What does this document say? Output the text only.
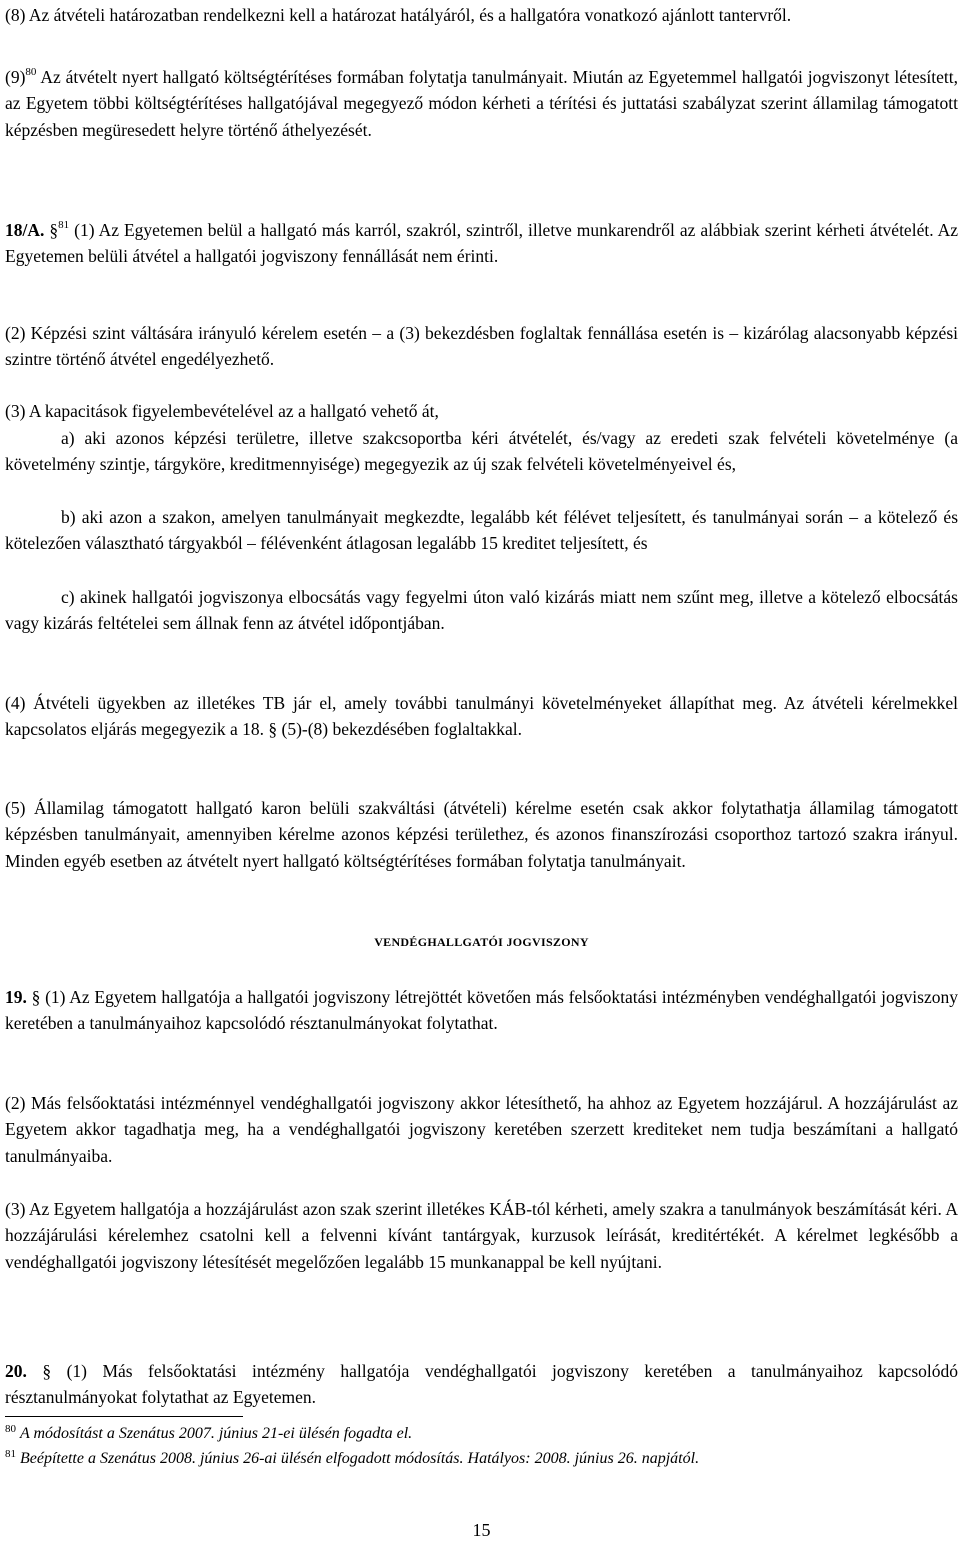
(8) Az átvételi határozatban rendelkezni kell a határozat hatályáról, és a hallgatóra vonatkozó ajánlott tantervről.

(9)$^{80}$ Az átvételt nyert hallgató költségtérítéses formában folytatja tanulmányait. Miután az Egyetemmel hallgatói jogviszonyt létesített, az Egyetem többi költségtérítéses hallgatójával megegyező módon kérheti a térítési és juttatási szabályzat szerint államilag támogatott képzésben megüresedett helyre történő áthelyezését.

18/A. §$^{81}$ (1) Az Egyetemen belül a hallgató más karról, szakról, szintről, illetve munkarendről az alábbiak szerint kérheti átvételét. Az Egyetemen belüli átvétel a hallgatói jogviszony fennállását nem érinti.

(2) Képzési szint váltására irányuló kérelem esetén – a (3) bekezdésben foglaltak fennállása esetén is – kizárólag alacsonyabb képzési szintre történő átvétel engedélyezhető.

(3) A kapacitások figyelembevételével az a hallgató vehető át,

a) aki azonos képzési területre, illetve szakcsoportba kéri átvételét, és/vagy az eredeti szak felvételi követelménye (a követelmény szintje, tárgyköre, kreditmennyisége) megegyezik az új szak felvételi követelményeivel és,

b) aki azon a szakon, amelyen tanulmányait megkezdte, legalább két félévet teljesített, és tanulmányai során – a kötelező és kötelezően választható tárgyakból – félévenként átlagosan legalább 15 kreditet teljesített, és

c) akinek hallgatói jogviszonya elbocsátás vagy fegyelmi úton való kizárás miatt nem szűnt meg, illetve a kötelező elbocsátás vagy kizárás feltételei sem állnak fenn az átvétel időpontjában.

(4) Átvételi ügyekben az illetékes TB jár el, amely további tanulmányi követelményeket állapíthat meg. Az átvételi kérelmekkel kapcsolatos eljárás megegyezik a 18. § (5)-(8) bekezdésében foglaltakkal.

(5) Államilag támogatott hallgató karon belüli szakváltási (átvételi) kérelme esetén csak akkor folytathatja államilag támogatott képzésben tanulmányait, amennyiben kérelme azonos képzési területhez, és azonos finanszírozási csoporthoz tartozó szakra irányul. Minden egyéb esetben az átvételt nyert hallgató költségtérítéses formában folytatja tanulmányait.

VENDÉGHALLGATÓI JOGVISZONY

19. § (1) Az Egyetem hallgatója a hallgatói jogviszony létrejöttét követően más felsőoktatási intézményben vendéghallgatói jogviszony keretében a tanulmányaihoz kapcsolódó résztanulmányokat folytathat.

(2) Más felsőoktatási intézménnyel vendéghallgatói jogviszony akkor létesíthető, ha ahhoz az Egyetem hozzájárul. A hozzájárulást az Egyetem akkor tagadhatja meg, ha a vendéghallgatói jogviszony keretében szerzett krediteket nem tudja beszámítani a hallgató tanulmányaiba.

(3) Az Egyetem hallgatója a hozzájárulást azon szak szerint illetékes KÁB-tól kérheti, amely szakra a tanulmányok beszámítását kéri. A hozzájárulási kérelemhez csatolni kell a felvenni kívánt tantárgyak, kurzusok leírását, kreditértékét. A kérelmet legkésőbb a vendéghallgatói jogviszony létesítését megelőzően legalább 15 munkanappal be kell nyújtani.

20. § (1) Más felsőoktatási intézmény hallgatója vendéghallgatói jogviszony keretében a tanulmányaihoz kapcsolódó résztanulmányokat folytathat az Egyetemen.

$^{80}$ A módosítást a Szenátus 2007. június 21-ei ülésén fogadta el.
$^{81}$ Beépítette a Szenátus 2008. június 26-ai ülésén elfogadott módosítás. Hatályos: 2008. június 26. napjától.
15
